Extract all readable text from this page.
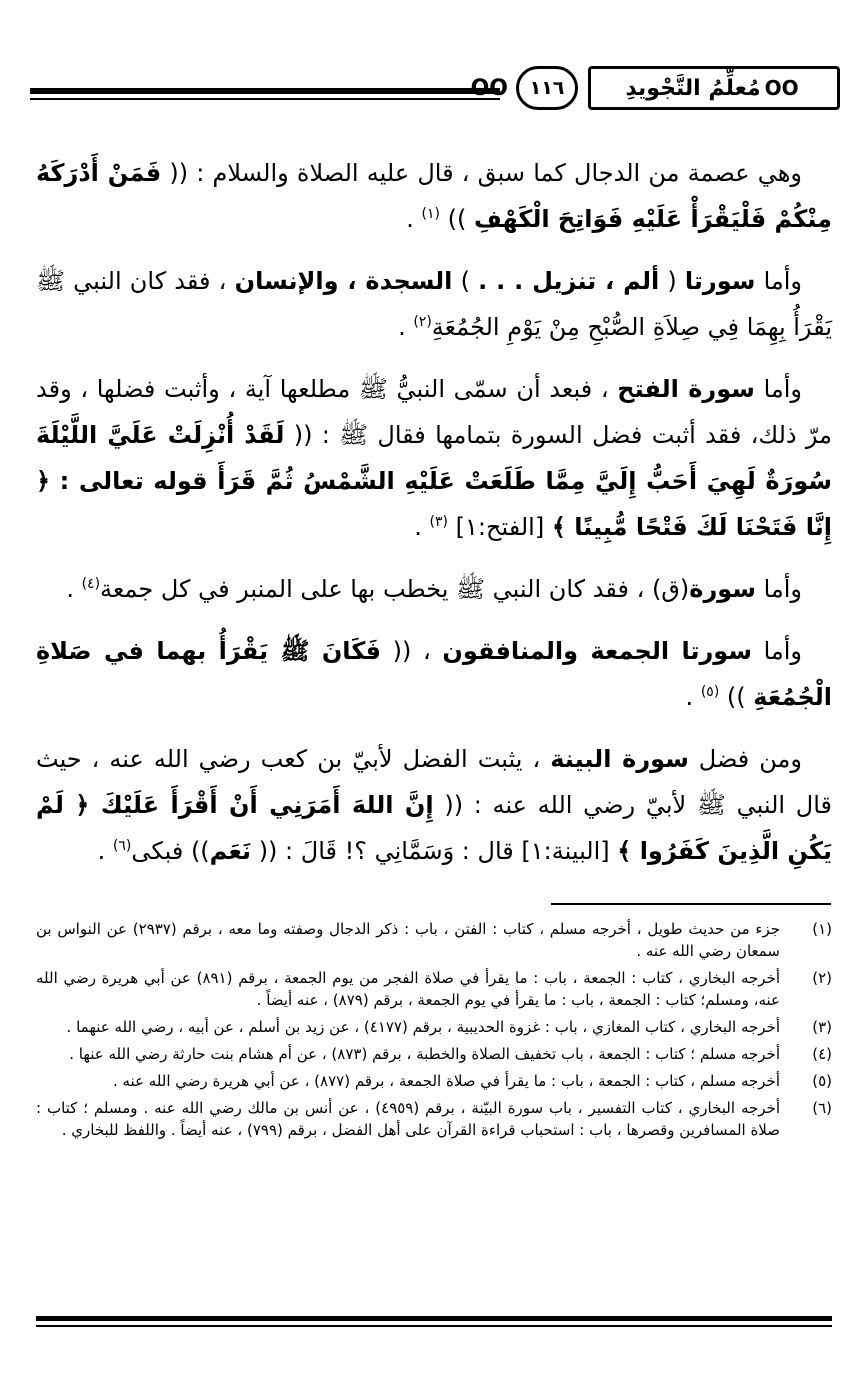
OO	١١٦	OO
مُعلِّمُ التَّجْويدِ

وهي عصمة من الدجال كما سبق ، قال عليه الصلاة والسلام : (( فَمَنْ أَدْرَكَهُ مِنْكُمْ فَلْيَقْرَأْ عَلَيْهِ فَوَاتِحَ الْكَهْفِ )) $^{(١)}$ .

وأما سورتا ( ألم ، تنزيل . . . ) السجدة ، والإنسان ، فقد كان النبي ﷺ يَقْرَأُ بِهِمَا فِي صِلاَةِ الصُّبْحِ مِنْ يَوْمِ الجُمُعَةِ$^{(٢)}$ .

وأما سورة الفتح ، فبعد أن سمّى النبيُّ ﷺ مطلعها آية ، وأثبت فضلها ، وقد مرّ ذلك، فقد أثبت فضل السورة بتمامها فقال ﷺ : (( لَقَدْ أُنْزِلَتْ عَلَيَّ اللَّيْلَةَ سُورَةٌ لَهِيَ أَحَبُّ إِلَيَّ مِمَّا طَلَعَتْ عَلَيْهِ الشَّمْسُ ثُمَّ قَرَأَ قوله تعالى : ﴿ إِنَّا فَتَحْنَا لَكَ فَتْحًا مُّبِينًا ﴾ [الفتح:١] $^{(٣)}$ .

وأما سورة(ق) ، فقد كان النبي ﷺ يخطب بها على المنبر في كل جمعة$^{(٤)}$ .

وأما سورتا الجمعة والمنافقون ، (( فَكَانَ ﷺ يَقْرَأُ بهما في صَلاةِ الْجُمُعَةِ )) $^{(٥)}$ .

ومن فضل سورة البينة ، يثبت الفضل لأبيّ بن كعب رضي الله عنه ، حيث قال النبي ﷺ لأبيّ رضي الله عنه : (( إِنَّ اللهَ أَمَرَنِي أَنْ أَقْرَأَ عَلَيْكَ ﴿ لَمْ يَكُنِ الَّذِينَ كَفَرُوا ﴾ [البينة:١] قال : وَسَمَّانِي ؟! قَالَ : (( نَعَم)) فبكى$^{(٦)}$ .

(١)
جزء من حديث طويل ، أخرجه مسلم ، كتاب : الفتن ، باب : ذكر الدجال وصفته وما معه ، برقم (٢٩٣٧) عن النواس بن سمعان رضي الله عنه .
(٢)
أخرجه البخاري ، كتاب : الجمعة ، باب : ما يقرأ في صلاة الفجر من يوم الجمعة ، برقم (٨٩١) عن أبي هريرة رضي الله عنه، ومسلم؛ كتاب : الجمعة ، باب : ما يقرأ في يوم الجمعة ، برقم (٨٧٩) ، عنه أيضاً .
(٣)
أخرجه البخاري ، كتاب المغازي ، باب : غزوة الحديبية ، برقم (٤١٧٧) ، عن زيد بن أسلم ، عن أبيه ، رضي الله عنهما .
(٤)
أخرجه مسلم ؛ كتاب : الجمعة ، باب تخفيف الصلاة والخطبة ، برقم (٨٧٣) ، عن أم هشام بنت حارثة رضي الله عنها .
(٥)
أخرجه مسلم ، كتاب : الجمعة ، باب : ما يقرأ في صلاة الجمعة ، برقم (٨٧٧) ، عن أبي هريرة رضي الله عنه .
(٦)
أخرجه البخاري ، كتاب التفسير ، باب سورة البيّنة ، برقم (٤٩٥٩) ، عن أنس بن مالك رضي الله عنه . ومسلم ؛ كتاب : صلاة المسافرين وقصرها ، باب : استحباب قراءة القرآن على أهل الفضل ، برقم (٧٩٩) ، عنه أيضاً . واللفظ للبخاري .
